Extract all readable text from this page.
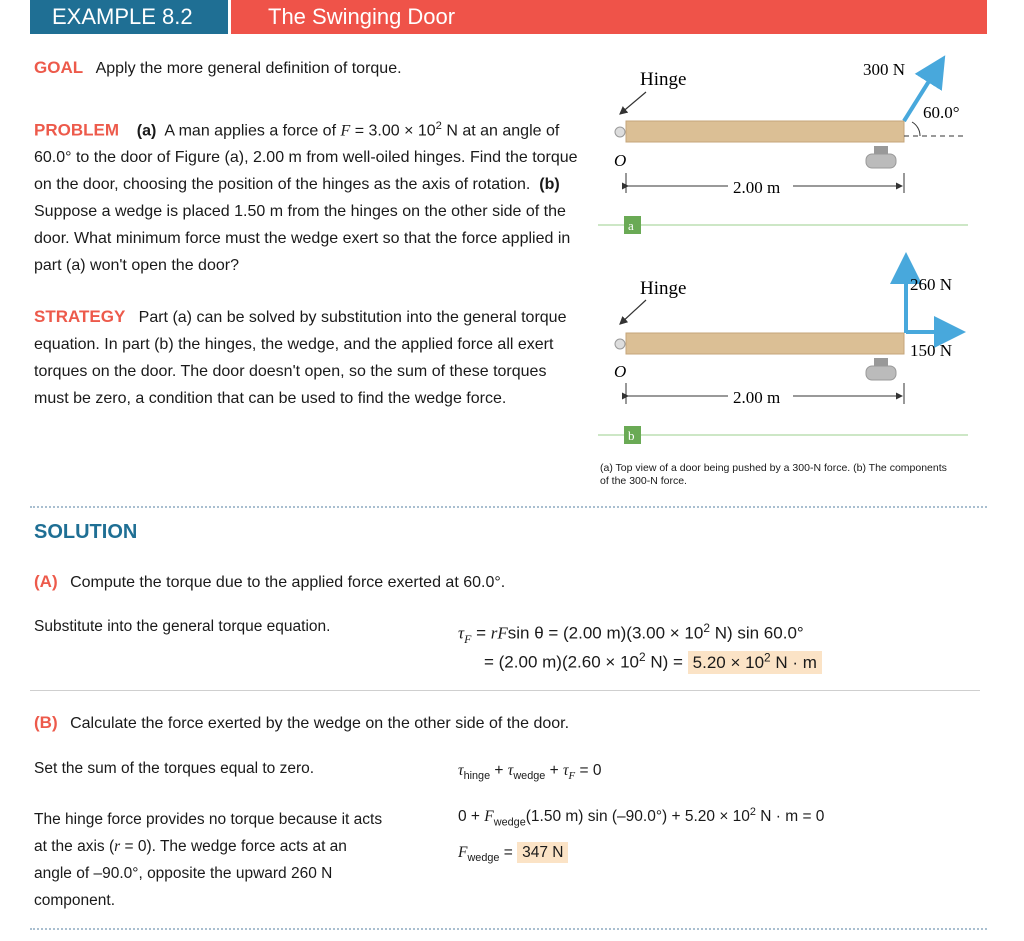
EXAMPLE 8.2	The Swinging Door
GOAL Apply the more general definition of torque.
PROBLEM (a) A man applies a force of $F = 3.00 \times 10^2$ N at an angle of 60.0° to the door of Figure (a), 2.00 m from well-oiled hinges. Find the torque on the door, choosing the position of the hinges as the axis of rotation. (b)  Suppose a wedge is placed 1.50 m from the hinges on the other side of the door. What minimum force must the wedge exert so that the force applied in part (a) won't open the door?
STRATEGY Part (a) can be solved by substitution into the general torque equation. In part (b) the hinges, the wedge, and the applied force all exert torques on the door. The door doesn't open, so the sum of these torques must be zero, a condition that can be used to find the wedge force.
Hinge
O
2.00 m
300 N
60.0°
a
Hinge
O
2.00 m
260 N
150 N
b
(a) Top view of a door being pushed by a 300-N force. (b) The components of the 300-N force.
SOLUTION
(A) Compute the torque due to the applied force exerted at 60.0°.
Substitute into the general torque equation.	$\tau_F = rFsin$ θ = (2.00 $m)(3.00 \times 10^2$ N) sin 60.0°
= (2.00 $m)(2.60 \times 10^2$ $N) = 5.20 \times 10^2$ N · m
(B) Calculate the force exerted by the wedge on the other side of the door.
Set the sum of the torques equal to zero.	$\tau_{hinge} + \tau_{wedge} + \tau_F = 0$
The hinge force provides no torque because it acts at the axis (r = 0). The wedge force acts at an angle of –90.0°, opposite the upward 260 N component.
$0 + F_{wedge}(1.50$ m) $\sin (-90.0^\circ) + 5.20 \times 10^2$ N · m = 0
$F_{wedge} = 347$ N
